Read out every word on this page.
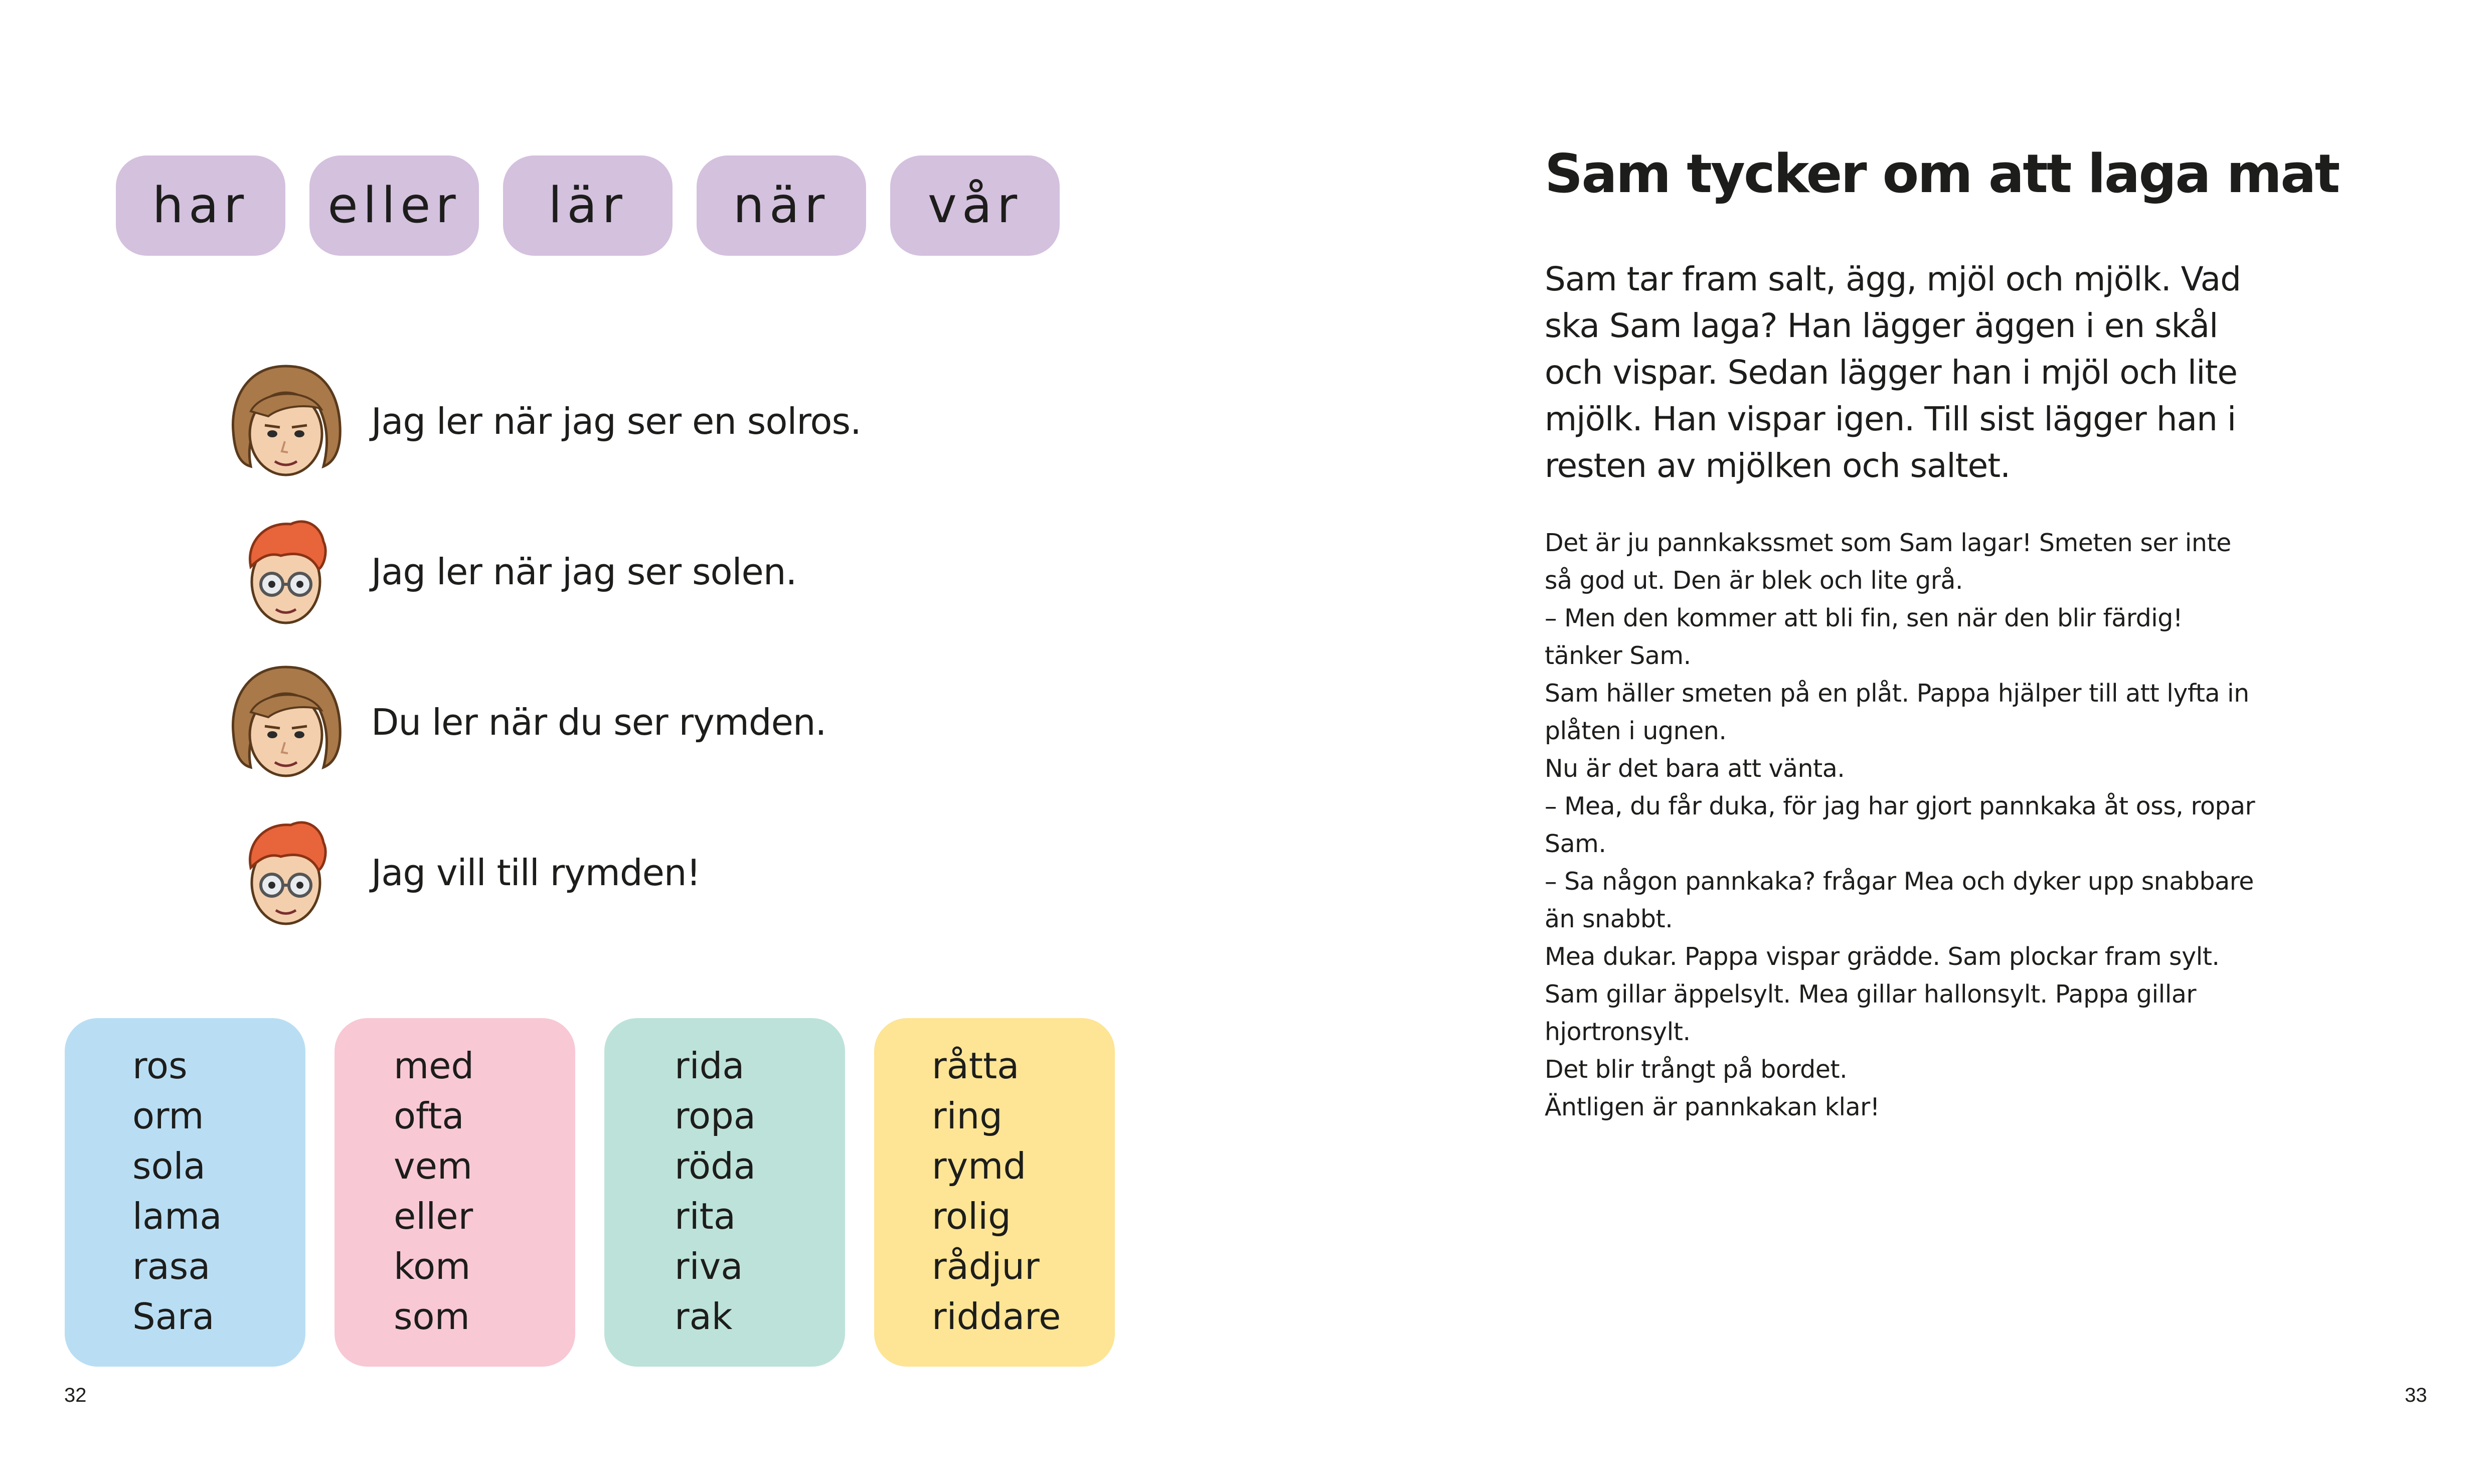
har	eller	lär	när	vår
Jag ler när jag ser en solros.
Jag ler när jag ser solen.
Du ler när du ser rymden.
Jag vill till rymden!
ros
orm
sola
lama
rasa
Sara
med
ofta
vem
eller
kom
som
rida
ropa
röda
rita
riva
rak
råtta
ring
rymd
rolig
rådjur
riddare
32
Sam tycker om att laga mat

Sam tar fram salt, ägg, mjöl och mjölk. Vad ska Sam laga? Han lägger äggen i en skål och vispar. Sedan lägger han i mjöl och lite mjölk. Han vispar igen. Till sist lägger han i resten av mjölken och saltet.

Det är ju pannkakssmet som Sam lagar! Smeten ser inte så god ut. Den är blek och lite grå.

– Men den kommer att bli fin, sen när den blir färdig! tänker Sam.

Sam häller smeten på en plåt. Pappa hjälper till att lyfta in plåten i ugnen.

Nu är det bara att vänta.

– Mea, du får duka, för jag har gjort pannkaka åt oss, ropar Sam.

– Sa någon pannkaka? frågar Mea och dyker upp snabbare än snabbt.

Mea dukar. Pappa vispar grädde. Sam plockar fram sylt.

Sam gillar äppelsylt. Mea gillar hallonsylt. Pappa gillar hjortronsylt.

Det blir trångt på bordet.

Äntligen är pannkakan klar!

33
